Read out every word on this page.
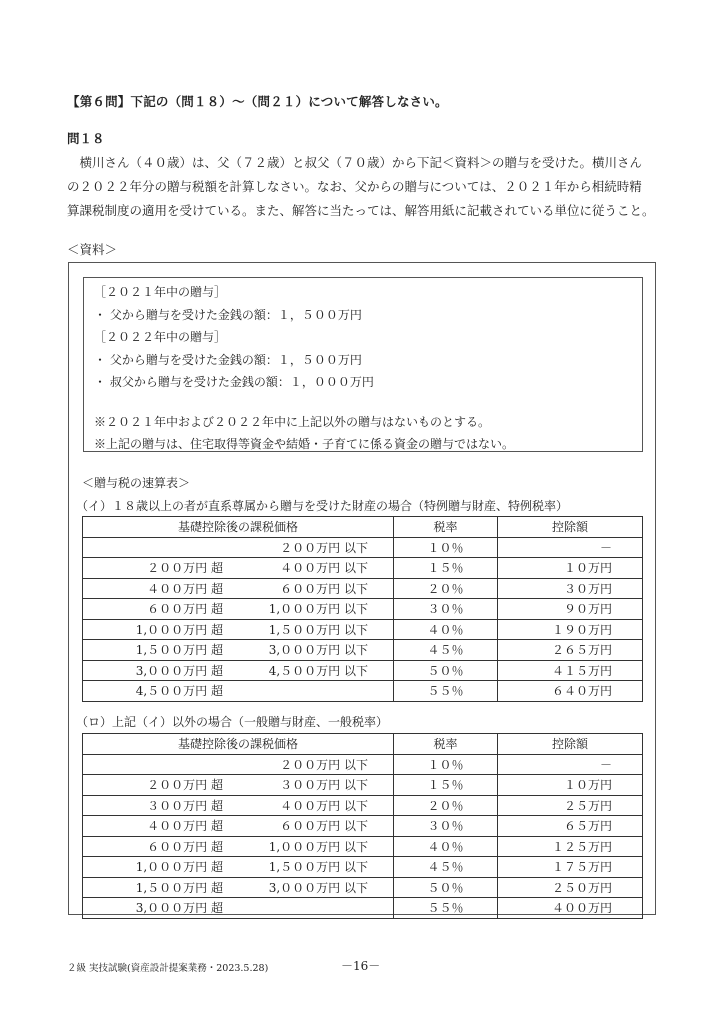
【第６問】下記の（問１８）～（問２１）について解答しなさい。
問１８

　横川さん（４０歳）は、父（７２歳）と叔父（７０歳）から下記＜資料＞の贈与を受けた。横川さん

の２０２２年分の贈与税額を計算しなさい。なお、父からの贈与については、２０２１年から相続時精

算課税制度の適用を受けている。また、解答に当たっては、解答用紙に記載されている単位に従うこと。

＜資料＞
［２０２１年中の贈与］
・ 父から贈与を受けた金銭の額：１，５００万円
［２０２２年中の贈与］
・ 父から贈与を受けた金銭の額：１，５００万円
・ 叔父から贈与を受けた金銭の額：１，０００万円
※２０２１年中および２０２２年中に上記以外の贈与はないものとする。
※上記の贈与は、住宅取得等資金や結婚・子育てに係る資金の贈与ではない。
＜贈与税の速算表＞
（イ）１８歳以上の者が直系尊属から贈与を受けた財産の場合（特例贈与財産、特例税率）
基礎控除後の課税価格		税率	控除額
	２００万円 以下	１０％	－
２００万円 超	４００万円 以下	１５％	１０万円
４００万円 超	６００万円 以下	２０％	３０万円
６００万円 超	1,０００万円 以下	３０％	９０万円
1,０００万円 超	1,５００万円 以下	４０％	１９０万円
1,５００万円 超	3,０００万円 以下	４５％	２６５万円
3,０００万円 超	4,５００万円 以下	５０％	４１５万円
4,５００万円 超		５５％	６４０万円
（ロ）上記（イ）以外の場合（一般贈与財産、一般税率）
基礎控除後の課税価格		税率	控除額
	２００万円 以下	１０％	－
２００万円 超	３００万円 以下	１５％	１０万円
３００万円 超	４００万円 以下	２０％	２５万円
４００万円 超	６００万円 以下	３０％	６５万円
６００万円 超	1,０００万円 以下	４０％	１２５万円
1,０００万円 超	1,５００万円 以下	４５％	１７５万円
1,５００万円 超	3,０００万円 以下	５０％	２５０万円
3,０００万円 超		５５％	４００万円
２級 実技試験(資産設計提案業務・2023.5.28)	－16－
